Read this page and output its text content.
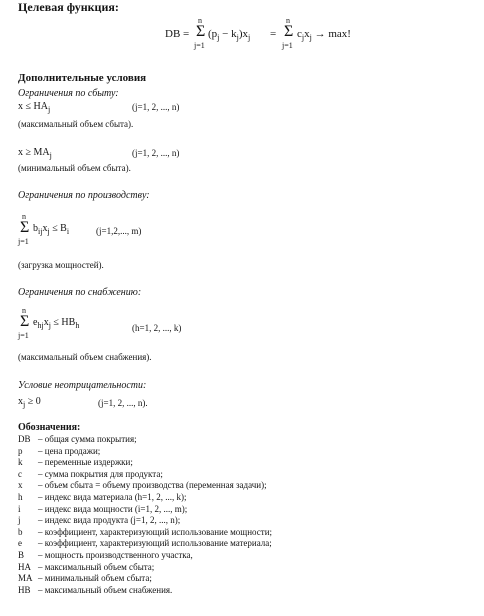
Целевая функция:
DB =
n
Σ
j=1
$(p_j - k_j)x_j$ =
n
Σ
j=1
$c_jx_j \to \max$!
Дополнительные условия
Ограничения по сбыту:
$x \le HA_j$	(j=1, 2, ..., n)
(максимальный объем сбыта).
$x \ge MA_j$	(j=1, 2, ..., n)
(минимальный объем сбыта).
Ограничения по производству:
n
Σ
j=1
$b_{ij}x_j \le B_i$	(j=1,2,..., m)
(загрузка мощностей).
Ограничения по снабжению:
n
Σ
j=1
$e_{hj}x_j \le HB_h$	(h=1, 2, ..., k)
(максимальный объем снабжения).
Условие неотрицательности:
$x_j \ge 0$	(j=1, 2, ..., n).
Обозначения:
DB – общая сумма покрытия;
p – цена продажи;
k – переменные издержки;
c – сумма покрытия для продукта;
x – объем сбыта = объему производства (переменная задачи);
h – индекс вида материала (h=1, 2, ..., k);
i – индекс вида мощности (i=1, 2, ..., m);
j – индекс вида продукта (j=1, 2, ..., n);
b – коэффициент, характеризующий использование мощности;
e – коэффициент, характеризующий использование материала;
B – мощность производственного участка,
HA – максимальный объем сбыта;
MA – минимальный объем сбыта;
HB – максимальный объем снабжения.
